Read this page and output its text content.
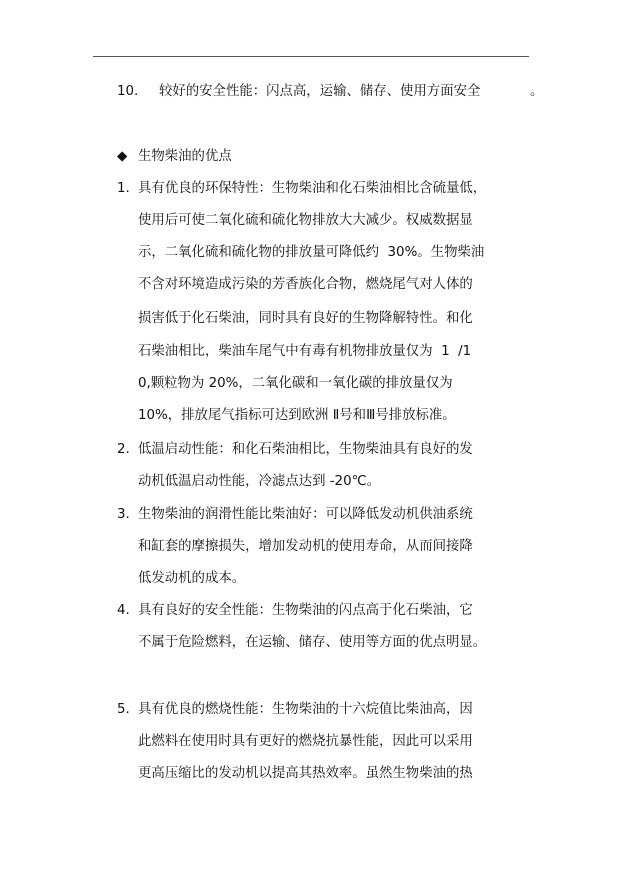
10. 较好的安全性能：闪点高，运输、储存、使用方面安全	。
◆ 生物柴油的优点
1. 具有优良的环保特性：生物柴油和化石柴油相比含硫量低，
使用后可使二氧化硫和硫化物排放大大减少。权威数据显
示，二氧化硫和硫化物的排放量可降低约  30%。生物柴油
不含对环境造成污染的芳香族化合物，燃烧尾气对人体的
损害低于化石柴油，同时具有良好的生物降解特性。和化
石柴油相比，柴油车尾气中有毒有机物排放量仅为  1  /1
0,颗粒物为 20%，二氧化碳和一氧化碳的排放量仅为
10%，排放尾气指标可达到欧洲 Ⅱ号和Ⅲ号排放标准。
2. 低温启动性能：和化石柴油相比，生物柴油具有良好的发
动机低温启动性能，冷滤点达到 -20℃。
3. 生物柴油的润滑性能比柴油好：可以降低发动机供油系统
和缸套的摩擦损失，增加发动机的使用寿命，从而间接降
低发动机的成本。
4. 具有良好的安全性能：生物柴油的闪点高于化石柴油，它
不属于危险燃料，在运输、储存、使用等方面的优点明显。
5. 具有优良的燃烧性能：生物柴油的十六烷值比柴油高，因
此燃料在使用时具有更好的燃烧抗暴性能，因此可以采用
更高压缩比的发动机以提高其热效率。虽然生物柴油的热
